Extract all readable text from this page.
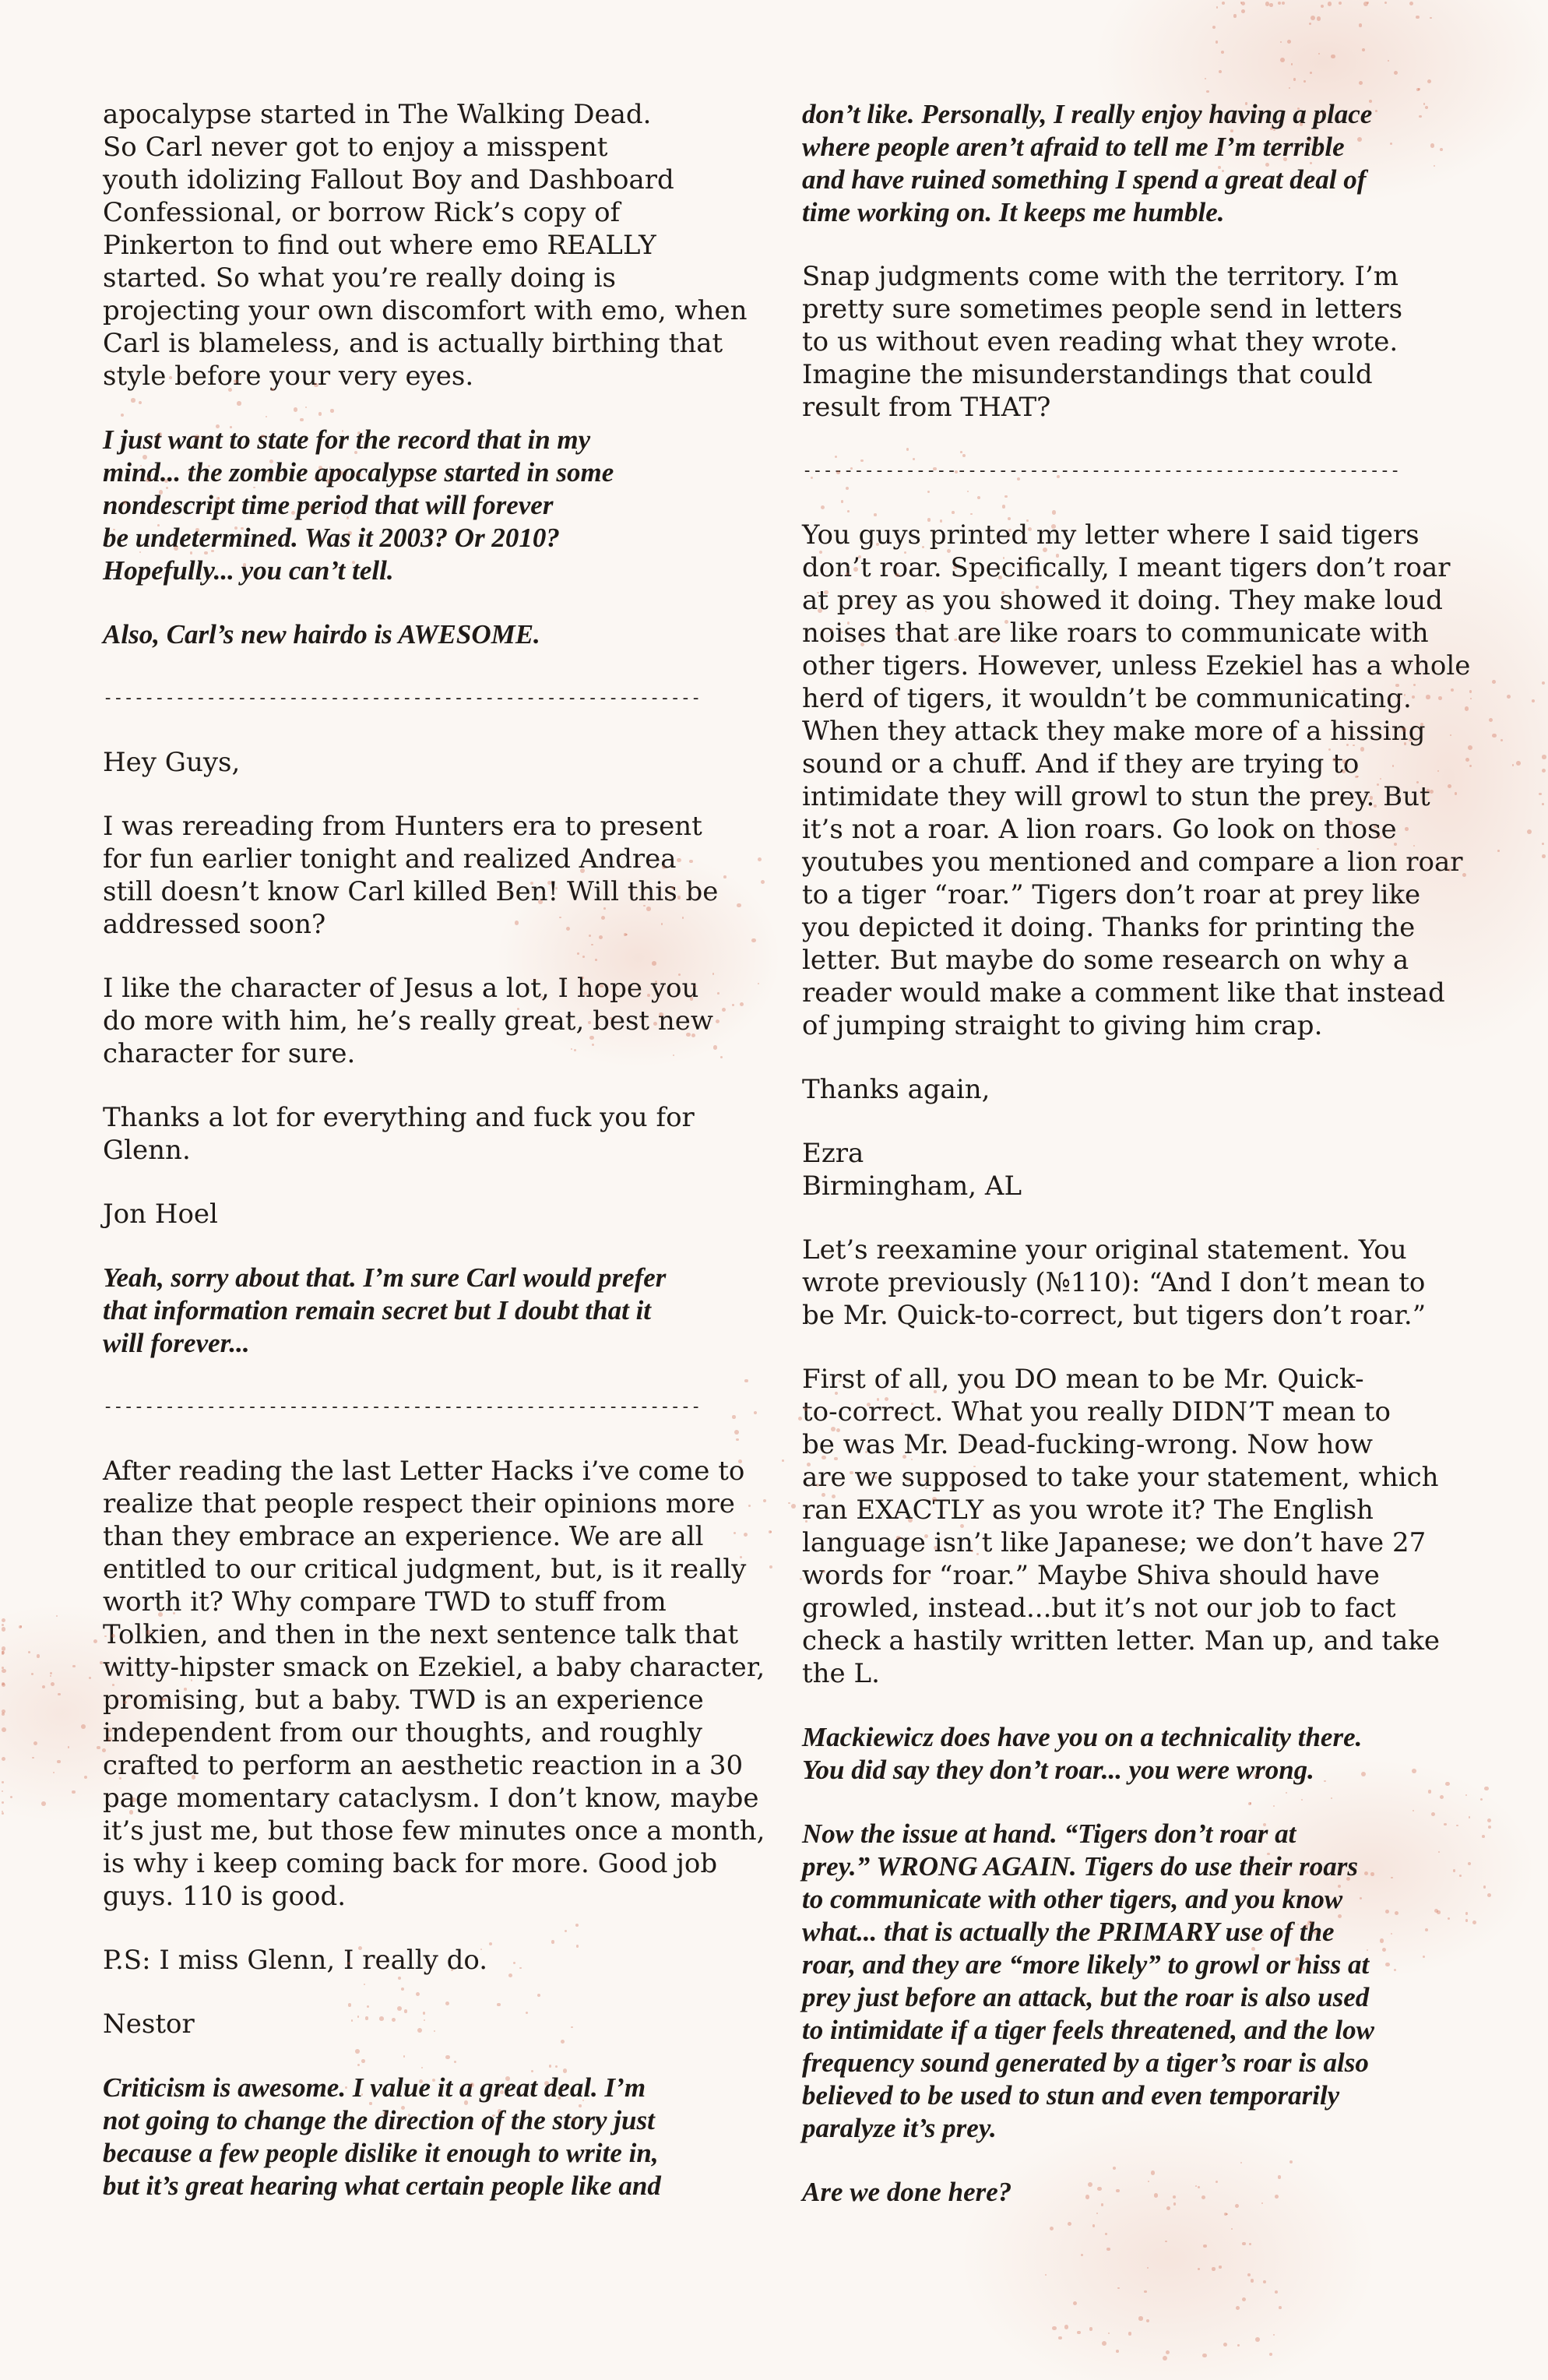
apocalypse started in The Walking Dead.
So Carl never got to enjoy a misspent
youth idolizing Fallout Boy and Dashboard
Confessional, or borrow Rick’s copy of
Pinkerton to find out where emo REALLY
started. So what you’re really doing is
projecting your own discomfort with emo, when
Carl is blameless, and is actually birthing that
style before your very eyes.
I just want to state for the record that in my
mind... the zombie apocalypse started in some
nondescript time period that will forever
be undetermined. Was it 2003? Or 2010?
Hopefully... you can’t tell.
Also, Carl’s new hairdo is AWESOME.
----------------------------------------------------------
Hey Guys,
I was rereading from Hunters era to present
for fun earlier tonight and realized Andrea
still doesn’t know Carl killed Ben! Will this be
addressed soon?
I like the character of Jesus a lot, I hope you
do more with him, he’s really great, best new
character for sure.
Thanks a lot for everything and fuck you for
Glenn.
Jon Hoel
Yeah, sorry about that. I’m sure Carl would prefer
that information remain secret but I doubt that it
will forever...
----------------------------------------------------------
After reading the last Letter Hacks i’ve come to
realize that people respect their opinions more
than they embrace an experience. We are all
entitled to our critical judgment, but, is it really
worth it? Why compare TWD to stuff from
Tolkien, and then in the next sentence talk that
witty-hipster smack on Ezekiel, a baby character,
promising, but a baby. TWD is an experience
independent from our thoughts, and roughly
crafted to perform an aesthetic reaction in a 30
page momentary cataclysm. I don’t know, maybe
it’s just me, but those few minutes once a month,
is why i keep coming back for more. Good job
guys. 110 is good.
P.S: I miss Glenn, I really do.
Nestor
Criticism is awesome. I value it a great deal. I’m
not going to change the direction of the story just
because a few people dislike it enough to write in,
but it’s great hearing what certain people like and
don’t like. Personally, I really enjoy having a place
where people aren’t afraid to tell me I’m terrible
and have ruined something I spend a great deal of
time working on. It keeps me humble.
Snap judgments come with the territory. I’m
pretty sure sometimes people send in letters
to us without even reading what they wrote.
Imagine the misunderstandings that could
result from THAT?
----------------------------------------------------------
You guys printed my letter where I said tigers
don’t roar. Specifically, I meant tigers don’t roar
at prey as you showed it doing. They make loud
noises that are like roars to communicate with
other tigers. However, unless Ezekiel has a whole
herd of tigers, it wouldn’t be communicating.
When they attack they make more of a hissing
sound or a chuff. And if they are trying to
intimidate they will growl to stun the prey. But
it’s not a roar. A lion roars. Go look on those
youtubes you mentioned and compare a lion roar
to a tiger “roar.” Tigers don’t roar at prey like
you depicted it doing. Thanks for printing the
letter. But maybe do some research on why a
reader would make a comment like that instead
of jumping straight to giving him crap.
Thanks again,
Ezra
Birmingham, AL
Let’s reexamine your original statement. You
wrote previously (№110): “And I don’t mean to
be Mr. Quick-to-correct, but tigers don’t roar.”
First of all, you DO mean to be Mr. Quick-
to-correct. What you really DIDN’T mean to
be was Mr. Dead-fucking-wrong. Now how
are we supposed to take your statement, which
ran EXACTLY as you wrote it? The English
language isn’t like Japanese; we don’t have 27
words for “roar.” Maybe Shiva should have
growled, instead...but it’s not our job to fact
check a hastily written letter. Man up, and take
the L.
Mackiewicz does have you on a technicality there.
You did say they don’t roar... you were wrong.
Now the issue at hand. “Tigers don’t roar at
prey.” WRONG AGAIN. Tigers do use their roars
to communicate with other tigers, and you know
what... that is actually the PRIMARY use of the
roar, and they are “more likely” to growl or hiss at
prey just before an attack, but the roar is also used
to intimidate if a tiger feels threatened, and the low
frequency sound generated by a tiger’s roar is also
believed to be used to stun and even temporarily
paralyze it’s prey.
Are we done here?
